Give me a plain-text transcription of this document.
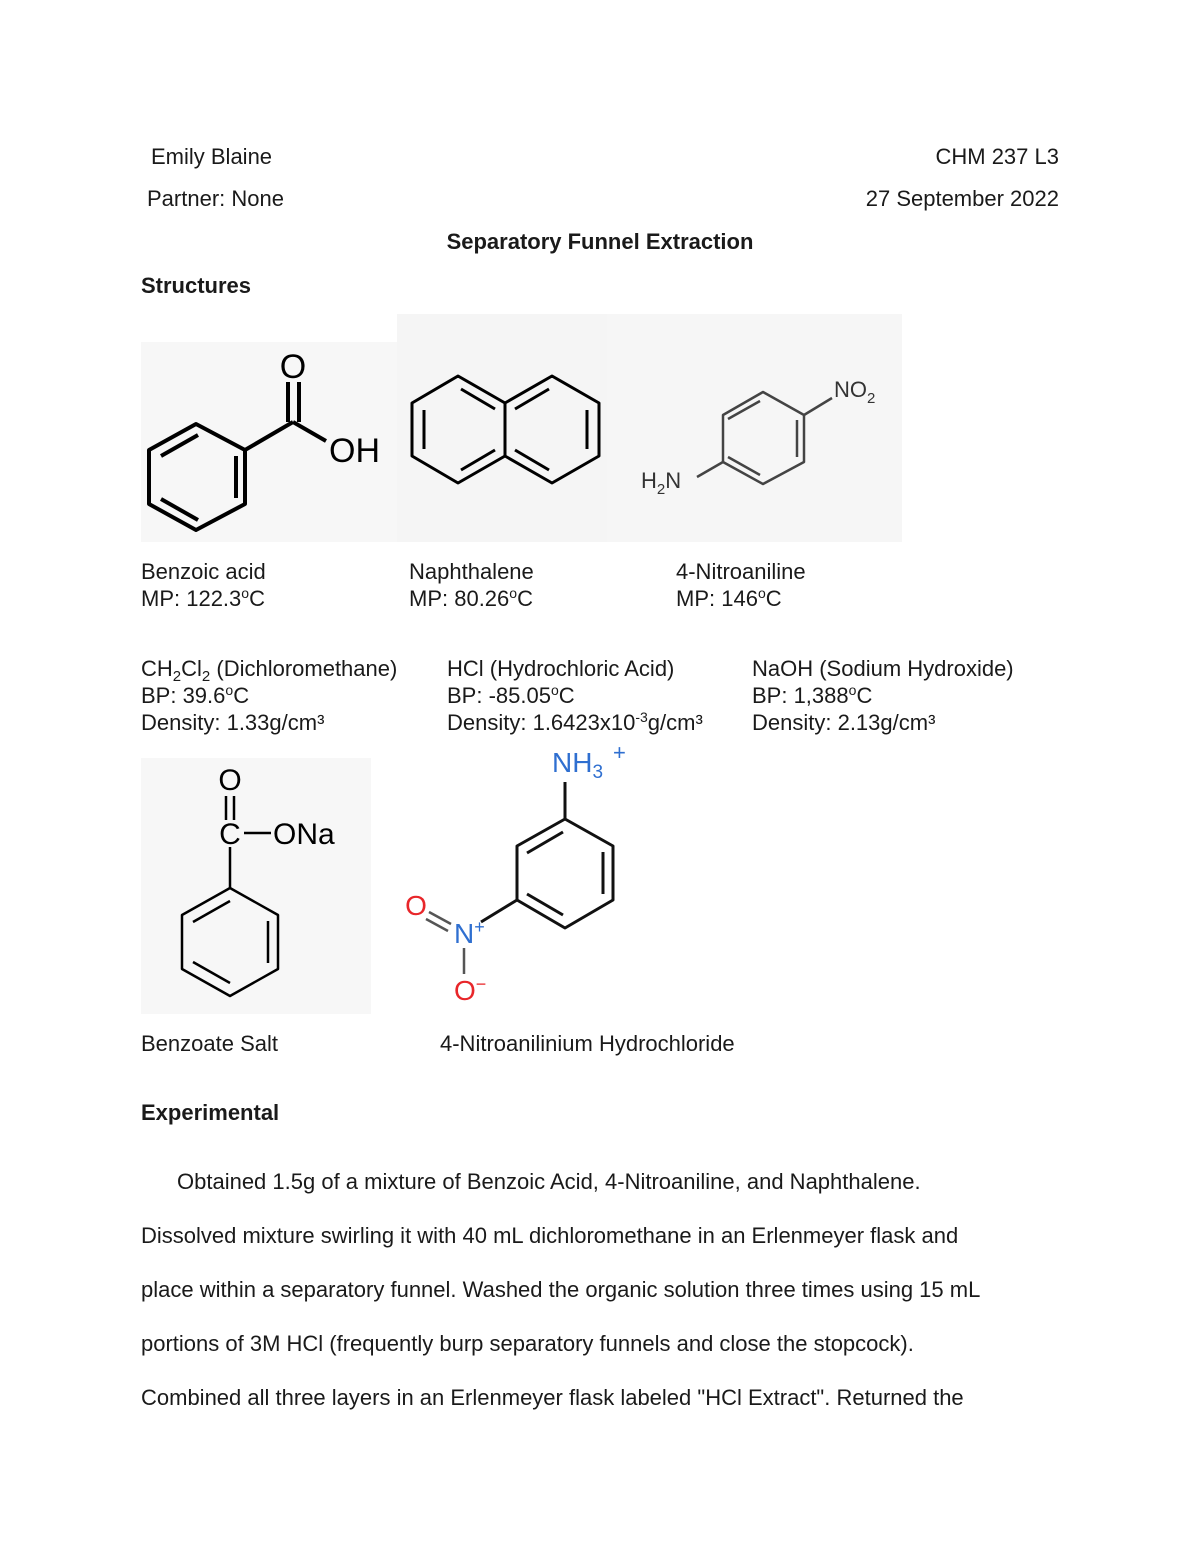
Emily Blaine	CHM 237 L3
Partner: None	27 September 2022
Separatory Funnel Extraction
Structures
O
OH
$NO_2$
$H_2N$
Benzoic acid
MP: 122.3$^o$C
Naphthalene
MP: 80.26$^o$C
4-Nitroaniline
MP: 146$^o$C
$CH_2Cl_2$ (Dichloromethane)
BP: 39.6$^o$C
Density: 1.33g/cm³
HCl (Hydrochloric Acid)
BP: -85.05$^o$C
Density: $1.6423x10^{-3}g$/cm³
NaOH (Sodium Hydroxide)
BP: 1,388$^o$C
Density: 2.13g/cm³
O
C ONa
$NH_3^+$
O
N+
O−
Benzoate Salt	4-Nitroanilinium Hydrochloride
Experimental
Obtained 1.5g of a mixture of Benzoic Acid, 4-Nitroaniline, and Naphthalene.
Dissolved mixture swirling it with 40 mL dichloromethane in an Erlenmeyer flask and
place within a separatory funnel. Washed the organic solution three times using 15 mL
portions of 3M HCl (frequently burp separatory funnels and close the stopcock).
Combined all three layers in an Erlenmeyer flask labeled "HCl Extract". Returned the
